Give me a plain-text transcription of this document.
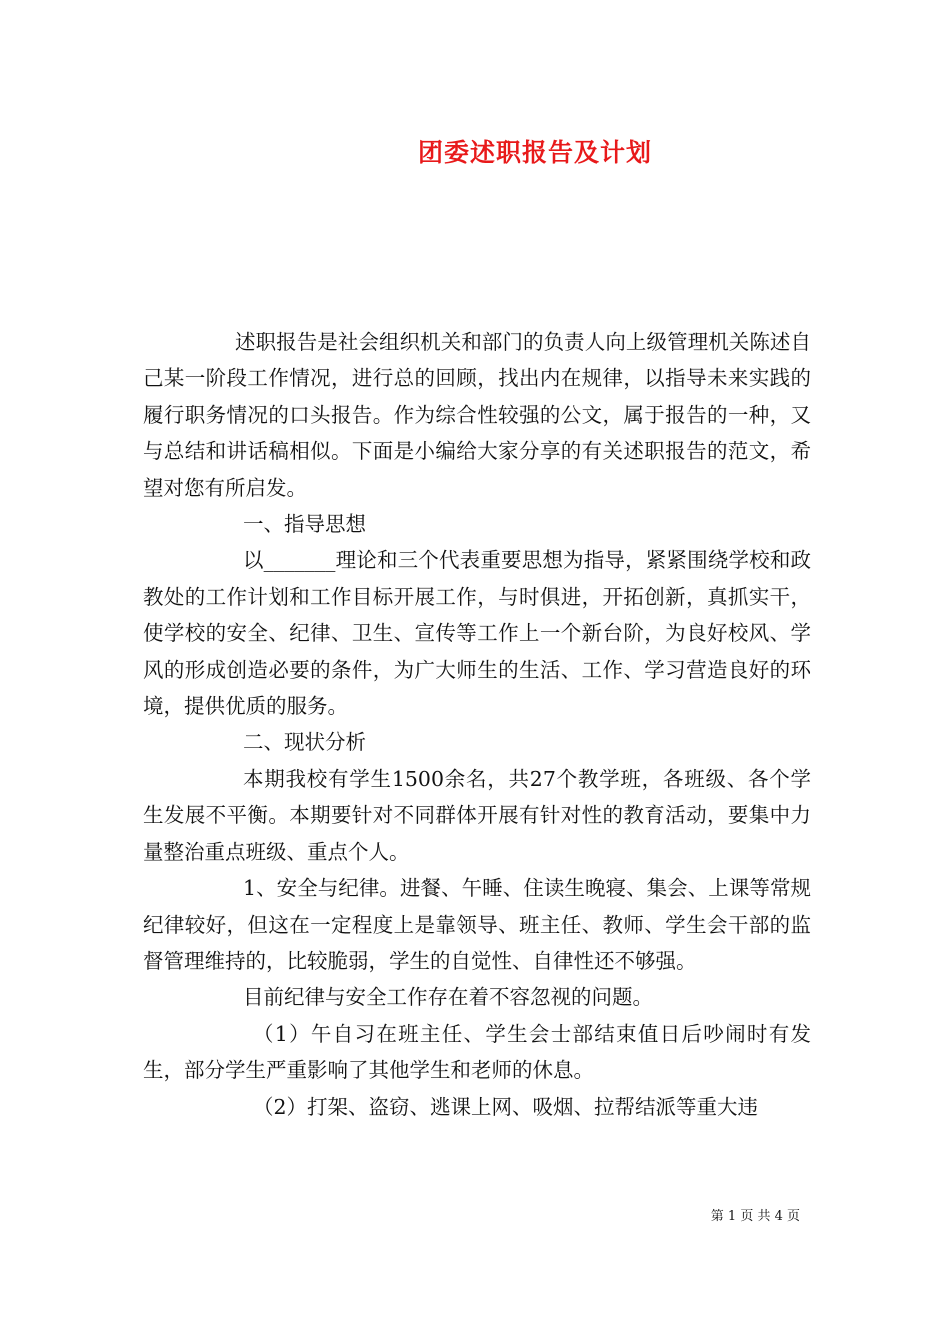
团委述职报告及计划

述职报告是社会组织机关和部门的负责人向上级管理机关陈述自己某一阶段工作情况，进行总的回顾，找出内在规律，以指导未来实践的履行职务情况的口头报告。作为综合性较强的公文，属于报告的一种，又与总结和讲话稿相似。下面是小编给大家分享的有关述职报告的范文，希望对您有所启发。

一、指导思想

以_______理论和三个代表重要思想为指导，紧紧围绕学校和政教处的工作计划和工作目标开展工作，与时俱进，开拓创新，真抓实干，使学校的安全、纪律、卫生、宣传等工作上一个新台阶，为良好校风、学风的形成创造必要的条件，为广大师生的生活、工作、学习营造良好的环境，提供优质的服务。

二、现状分析

本期我校有学生1500余名，共27个教学班，各班级、各个学生发展不平衡。本期要针对不同群体开展有针对性的教育活动，要集中力量整治重点班级、重点个人。

1、安全与纪律。进餐、午睡、住读生晚寝、集会、上课等常规纪律较好，但这在一定程度上是靠领导、班主任、教师、学生会干部的监督管理维持的，比较脆弱，学生的自觉性、自律性还不够强。

目前纪律与安全工作存在着不容忽视的问题。

（1）午自习在班主任、学生会士部结束值日后吵闹时有发生，部分学生严重影响了其他学生和老师的休息。

（2）打架、盗窃、逃课上网、吸烟、拉帮结派等重大违

第 1 页 共 4 页
